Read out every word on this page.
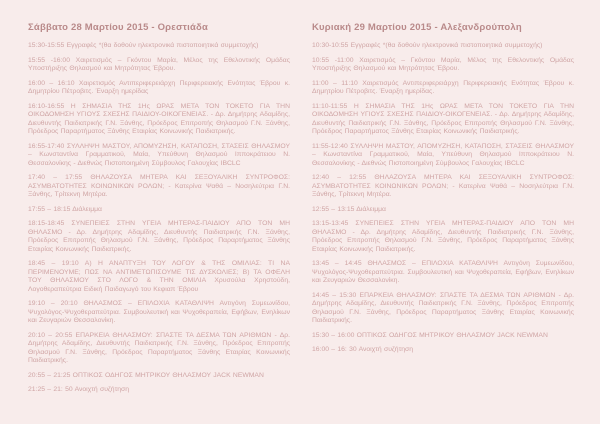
Σάββατο 28 Μαρτίου 2015 - Ορεστιάδα

15:30-15:55 Εγγραφές *(θα δοθούν ηλεκτρονικά πιστοποιητικά συμμετοχής)

15:55 -16:00 Χαιρετισμός – Γκόντου Μαρία, Μέλος της Εθελοντικής Ομάδας Υποστήριξης Θηλασμού και Μητρότητας Έβρου.

16:00 – 16:10 Χαιρετισμός Αντιπεριφερειάρχη Περιφερειακής Ενότητας Έβρου κ. Δημητρίου Πέτροβιτς. Έναρξη ημερίδας

16:10-16:55 Η ΣΗΜΑΣΙΑ ΤΗΣ 1Ης ΩΡΑΣ ΜΕΤΑ ΤΟΝ ΤΟΚΕΤΟ ΓΙΑ ΤΗΝ ΟΙΚΟΔΟΜΗΣΗ ΥΓΙΟΥΣ ΣΧΕΣΗΣ ΠΑΙΔΙΟΥ-ΟΙΚΟΓΕΝΕΙΑΣ. - Δρ. Δημήτρης Αδαμίδης, Διευθυντής Παιδιατρικής Γ.Ν. Ξάνθης, Πρόεδρος Επιτροπής Θηλασμού Γ.Ν. Ξάνθης, Πρόεδρος Παραρτήματος Ξάνθης Εταιρίας Κοινωνικής Παιδιατρικής.

16:55-17:40 ΣΥΛΛΗΨΗ ΜΑΣΤΟΥ, ΑΠΟΜΥΖΗΣΗ, ΚΑΤΑΠΟΣΗ, ΣΤΑΣΕΙΣ ΘΗΛΑΣΜΟΥ – Κωνσταντίνα Γραμματικού, Μαία, Υπεύθυνη Θηλασμού Ιπποκράτειου Ν. Θεσσαλονίκης - Διεθνώς Πιστοποιημένη Σύμβουλος Γαλουχίας IBCLC

17:40 – 17:55 ΘΗΛΑΖΟΥΣΑ ΜΗΤΕΡΑ ΚΑΙ ΣΕΞΟΥΑΛΙΚΗ ΣΥΝΤΡΟΦΟΣ: ΑΣΥΜΒΑΤΟΤΗΤΕΣ ΚΟΙΝΩΝΙΚΩΝ ΡΟΛΩΝ; - Κατερίνα Ψαθά – Νοσηλεύτρια Γ.Ν. Ξάνθης, Τρίτεκνη Μητέρα.

17:55 – 18:15 Διάλειμμα

18:15-18:45 ΣΥΝΕΠΕΙΕΣ ΣΤΗΝ ΥΓΕΙΑ ΜΗΤΕΡΑΣ-ΠΑΙΔΙΟΥ ΑΠΟ ΤΟΝ ΜΗ ΘΗΛΑΣΜΟ - Δρ. Δημήτρης Αδαμίδης, Διευθυντής Παιδιατρικής Γ.Ν. Ξάνθης, Πρόεδρος Επιτροπής Θηλασμού Γ.Ν. Ξάνθης, Πρόεδρος Παραρτήματος Ξάνθης Εταιρίας Κοινωνικής Παιδιατρικής.

18:45 – 19:10 Α) Η ΑΝΑΠΤΥΞΗ ΤΟΥ ΛΟΓΟΥ & ΤΗΣ ΟΜΙΛΙΑΣ: ΤΙ ΝΑ ΠΕΡΙΜΕΝΟΥΜΕ; ΠΩΣ ΝΑ ΑΝΤΙΜΕΤΩΠΙΣΟΥΜΕ ΤΙΣ ΔΥΣΚΟΛΙΕΣ; Β) ΤΑ ΟΦΕΛΗ ΤΟΥ ΘΗΛΑΣΜΟΥ ΣΤΟ ΛΟΓΟ & ΤΗΝ ΟΜΙΛΙΑ Χρυσούλα Χρηστούδη, Λογοθεραπεύτρια Ειδική Παιδαγωγό του Κεφιαπ Έβρου

19:10 – 20:10 ΘΗΛΑΣΜΟΣ – ΕΠΙΛΟΧΙΑ ΚΑΤΑΘΛΙΨΗ Αντιγόνη Συμεωνίδου, Ψυχολόγος-Ψυχοθεραπεύτρια. Συμβουλευτική και Ψυχοθεραπεία, Εφήβων, Ενηλίκων και Ζευγαριών Θεσσαλονίκη.

20:10 – 20:55 ΕΠΑΡΚΕΙΑ ΘΗΛΑΣΜΟΥ: ΣΠΑΣΤΕ ΤΑ ΔΕΣΜΑ ΤΩΝ ΑΡΙΘΜΩΝ - Δρ. Δημήτρης Αδαμίδης, Διευθυντής Παιδιατρικής Γ.Ν. Ξάνθης, Πρόεδρος Επιτροπής Θηλασμού Γ.Ν. Ξάνθης, Πρόεδρος Παραρτήματος Ξάνθης Εταιρίας Κοινωνικής Παιδιατρικής.

20:55 – 21:25 ΟΠΤΙΚΟΣ ΟΔΗΓΟΣ ΜΗΤΡΙΚΟΥ ΘΗΛΑΣΜΟΥ JACK NEWMAN

21:25 – 21: 50 Ανοιχτή συζήτηση

Κυριακή 29 Μαρτίου 2015 - Αλεξανδρούπολη

10:30-10:55 Εγγραφές *(θα δοθούν ηλεκτρονικά πιστοποιητικά συμμετοχής)

10:55 -11:00 Χαιρετισμός – Γκόντου Μαρία, Μέλος της Εθελοντικής Ομάδας Υποστήριξης Θηλασμού και Μητρότητας Έβρου.

11:00 – 11:10 Χαιρετισμός Αντιπεριφερειάρχη Περιφερειακής Ενότητας Έβρου κ. Δημητρίου Πέτροβιτς. Έναρξη ημερίδας.

11:10-11:55 Η ΣΗΜΑΣΙΑ ΤΗΣ 1Ης ΩΡΑΣ ΜΕΤΑ ΤΟΝ ΤΟΚΕΤΟ ΓΙΑ ΤΗΝ ΟΙΚΟΔΟΜΗΣΗ ΥΓΙΟΥΣ ΣΧΕΣΗΣ ΠΑΙΔΙΟΥ-ΟΙΚΟΓΕΝΕΙΑΣ. - Δρ. Δημήτρης Αδαμίδης, Διευθυντής Παιδιατρικής Γ.Ν. Ξάνθης, Πρόεδρος Επιτροπής Θηλασμού Γ.Ν. Ξάνθης, Πρόεδρος Παραρτήματος Ξάνθης Εταιρίας Κοινωνικής Παιδιατρικής.

11:55-12:40 ΣΥΛΛΗΨΗ ΜΑΣΤΟΥ, ΑΠΟΜΥΖΗΣΗ, ΚΑΤΑΠΟΣΗ, ΣΤΑΣΕΙΣ ΘΗΛΑΣΜΟΥ – Κωνσταντίνα Γραμματικού, Μαία, Υπεύθυνη Θηλασμού Ιπποκράτειου Ν. Θεσσαλονίκης - Διεθνώς Πιστοποιημένη Σύμβουλος Γαλουχίας IBCLC

12:40 – 12:55 ΘΗΛΑΖΟΥΣΑ ΜΗΤΕΡΑ ΚΑΙ ΣΕΞΟΥΑΛΙΚΗ ΣΥΝΤΡΟΦΟΣ: ΑΣΥΜΒΑΤΟΤΗΤΕΣ ΚΟΙΝΩΝΙΚΩΝ ΡΟΛΩΝ; - Κατερίνα Ψαθά – Νοσηλεύτρια Γ.Ν. Ξάνθης, Τρίτεκνη Μητέρα.

12:55 – 13:15 Διάλειμμα

13:15-13:45 ΣΥΝΕΠΕΙΕΣ ΣΤΗΝ ΥΓΕΙΑ ΜΗΤΕΡΑΣ-ΠΑΙΔΙΟΥ ΑΠΟ ΤΟΝ ΜΗ ΘΗΛΑΣΜΟ - Δρ. Δημήτρης Αδαμίδης, Διευθυντής Παιδιατρικής Γ.Ν. Ξάνθης, Πρόεδρος Επιτροπής Θηλασμού Γ.Ν. Ξάνθης, Πρόεδρος Παραρτήματος Ξάνθης Εταιρίας Κοινωνικής Παιδιατρικής.

13:45 – 14:45 ΘΗΛΑΣΜΟΣ – ΕΠΙΛΟΧΙΑ ΚΑΤΑΘΛΙΨΗ Αντιγόνη Συμεωνίδου, Ψυχολόγος-Ψυχοθεραπεύτρια. Συμβουλευτική και Ψυχοθεραπεία, Εφήβων, Ενηλίκων και Ζευγαριών Θεσσαλονίκη.

14:45 – 15:30 ΕΠΑΡΚΕΙΑ ΘΗΛΑΣΜΟΥ: ΣΠΑΣΤΕ ΤΑ ΔΕΣΜΑ ΤΩΝ ΑΡΙΘΜΩΝ - Δρ. Δημήτρης Αδαμίδης, Διευθυντής Παιδιατρικής Γ.Ν. Ξάνθης, Πρόεδρος Επιτροπής Θηλασμού Γ.Ν. Ξάνθης, Πρόεδρος Παραρτήματος Ξάνθης Εταιρίας Κοινωνικής Παιδιατρικής.

15:30 – 16:00 ΟΠΤΙΚΟΣ ΟΔΗΓΟΣ ΜΗΤΡΙΚΟΥ ΘΗΛΑΣΜΟΥ JACK NEWMAN

16:00 – 16: 30 Ανοιχτή συζήτηση
